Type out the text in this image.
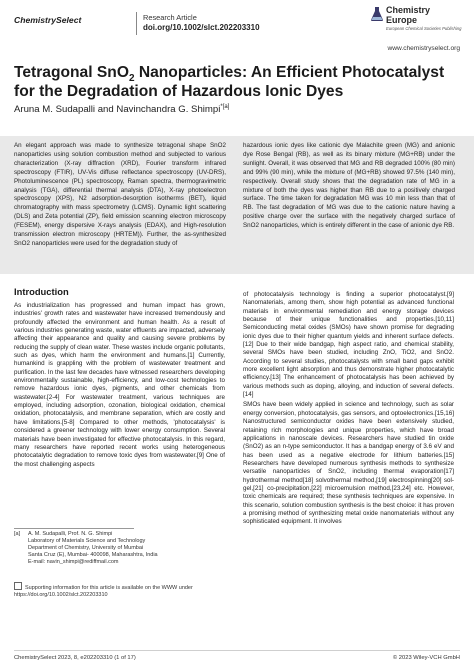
ChemistrySelect	Research Article
doi.org/10.1002/slct.202203310
Chemistry
Europe
European Chemical Societies Publishing
www.chemistryselect.org
Tetragonal SnO$_2$ Nanoparticles: An Efficient Photocatalyst
for the Degradation of Hazardous Ionic Dyes
Aruna M. Sudapalli and Navinchandra G. Shimpi$^{*[a]}$
An elegant approach was made to synthesize tetragonal shape SnO2 nanoparticles using solution combustion method and subjected to various characterization (X-ray diffraction (XRD), Fourier transform infrared spectroscopy (FTIR), UV-Vis diffuse reflectance spectroscopy (UV-DRS), Photoluminescence (PL) spectroscopy, Raman spectra, thermogravimetric analysis (TGA), differential thermal analysis (DTA), X-ray photoelectron spectroscopy (XPS), N2 adsorption-desorption isotherms (BET), liquid chromatography with mass spectrometry (LCMS). Dynamic light scattering (DLS) and Zeta potential (ZP), field emission scanning electron microscopy (FESEM), energy dispersive X-rays analysis (EDAX), and High-resolution transmission electron microscopy (HRTEM)). Further, the as-synthesized SnO2 nanoparticles were used for the degradation study of
hazardous ionic dyes like cationic dye Malachite green (MG) and anionic dye Rose Bengal (RB), as well as its binary mixture (MG+RB) under the sunlight. Overall, it was observed that MG and RB degraded 100% (80 min) and 99% (90 min), while the mixture of (MG+RB) showed 97.5% (140 min), respectively. Overall study shows that the degradation rate of MG in a mixture of both the dyes was higher than RB due to a positively charged surface. The time taken for degradation MG was 10 min less than that of RB. The fast degradation of MG was due to the cationic nature having a positive charge over the surface with the negatively charged surface of SnO2 nanoparticles, which is entirely different in the case of anionic dye RB.
Introduction

As industrialization has progressed and human impact has grown, industries' growth rates and wastewater have increased tremendously and profoundly affected the environment and human health. As a result of various industries generating waste, water effluents are impacted, adversely affecting their appearance and quality and causing severe problems by reducing the supply of clean water. These wastes include organic pollutants, such as dyes, which harm the environment and humans.[1] Currently, humankind is grappling with the problem of wastewater treatment and purification. In the last few decades have witnessed researchers developing environmentally sustainable, high-efficiency, and low-cost technologies to remove hazardous ionic dyes, pigments, and other chemicals from wastewater.[2-4] For wastewater treatment, various techniques are employed, including adsorption, ozonation, biological oxidation, chemical oxidation, photocatalysis, and membrane separation, which are costly and have limitations.[5-8] Compared to other methods, 'photocatalysis' is considered a greener technology with lower energy consumption. Several materials have been investigated for effective photocatalysis. In this regard, many researchers have reported recent works using heterogeneous photocatalytic degradation to remove toxic dyes from wastewater.[9] One of the most challenging aspects

of photocatalysis technology is finding a superior photocatalyst.[9] Nanomaterials, among them, show high potential as advanced functional materials in environmental remediation and energy storage devices because of their unique functionalities and properties.[10,11] Semiconducting metal oxides (SMOs) have shown promise for degrading ionic dyes due to their higher quantum yields and inherent surface defects.[12] Due to their wide bandgap, high aspect ratio, and chemical stability, several SMOs have been studied, including ZnO, TiO2, and SnO2. According to several studies, photocatalysts with small band gaps exhibit more excellent light absorption and thus demonstrate higher photocatalytic efficiency.[13] The enhancement of photocatalysis has been achieved by various methods such as doping, alloying, and induction of several defects.[14]

SMOs have been widely applied in science and technology, such as solar energy conversion, photocatalysis, gas sensors, and optoelectronics.[15,16] Nanostructured semiconductor oxides have been extensively studied, retaining rich morphologies and unique properties, which have broad applications in nanoscale devices. Researchers have studied tin oxide (SnO2) as an n-type semiconductor. It has a bandgap energy of 3.6 eV and has been used as a negative electrode for lithium batteries.[15] Researchers have developed numerous synthesis methods to synthesize versatile nanoparticles of SnO2, including thermal evaporation[17] hydrothermal method[18] solvothermal method,[19] electrospinning[20] sol-gel,[21] co-precipitation,[22] microemulsion method,[23,24] etc. However, toxic chemicals are required; these synthesis techniques are expensive. In this scenario, solution combustion synthesis is the best choice: it has proven a promising method of synthesizing metal oxide nanomaterials without any sophisticated equipment. It involves

[a] A. M. Sudapalli, Prof. N. G. Shimpi
Laboratory of Materials Science and Technology
Department of Chemistry, University of Mumbai
Santa Cruz (E), Mumbai- 400098, Maharashtra, India
E-mail: navin_shimpi@rediffmail.com
Supporting information for this article is available on the WWW under https://doi.org/10.1002/slct.202203310
ChemistrySelect 2023, 8, e202203310 (1 of 17)	© 2023 Wiley-VCH GmbH
